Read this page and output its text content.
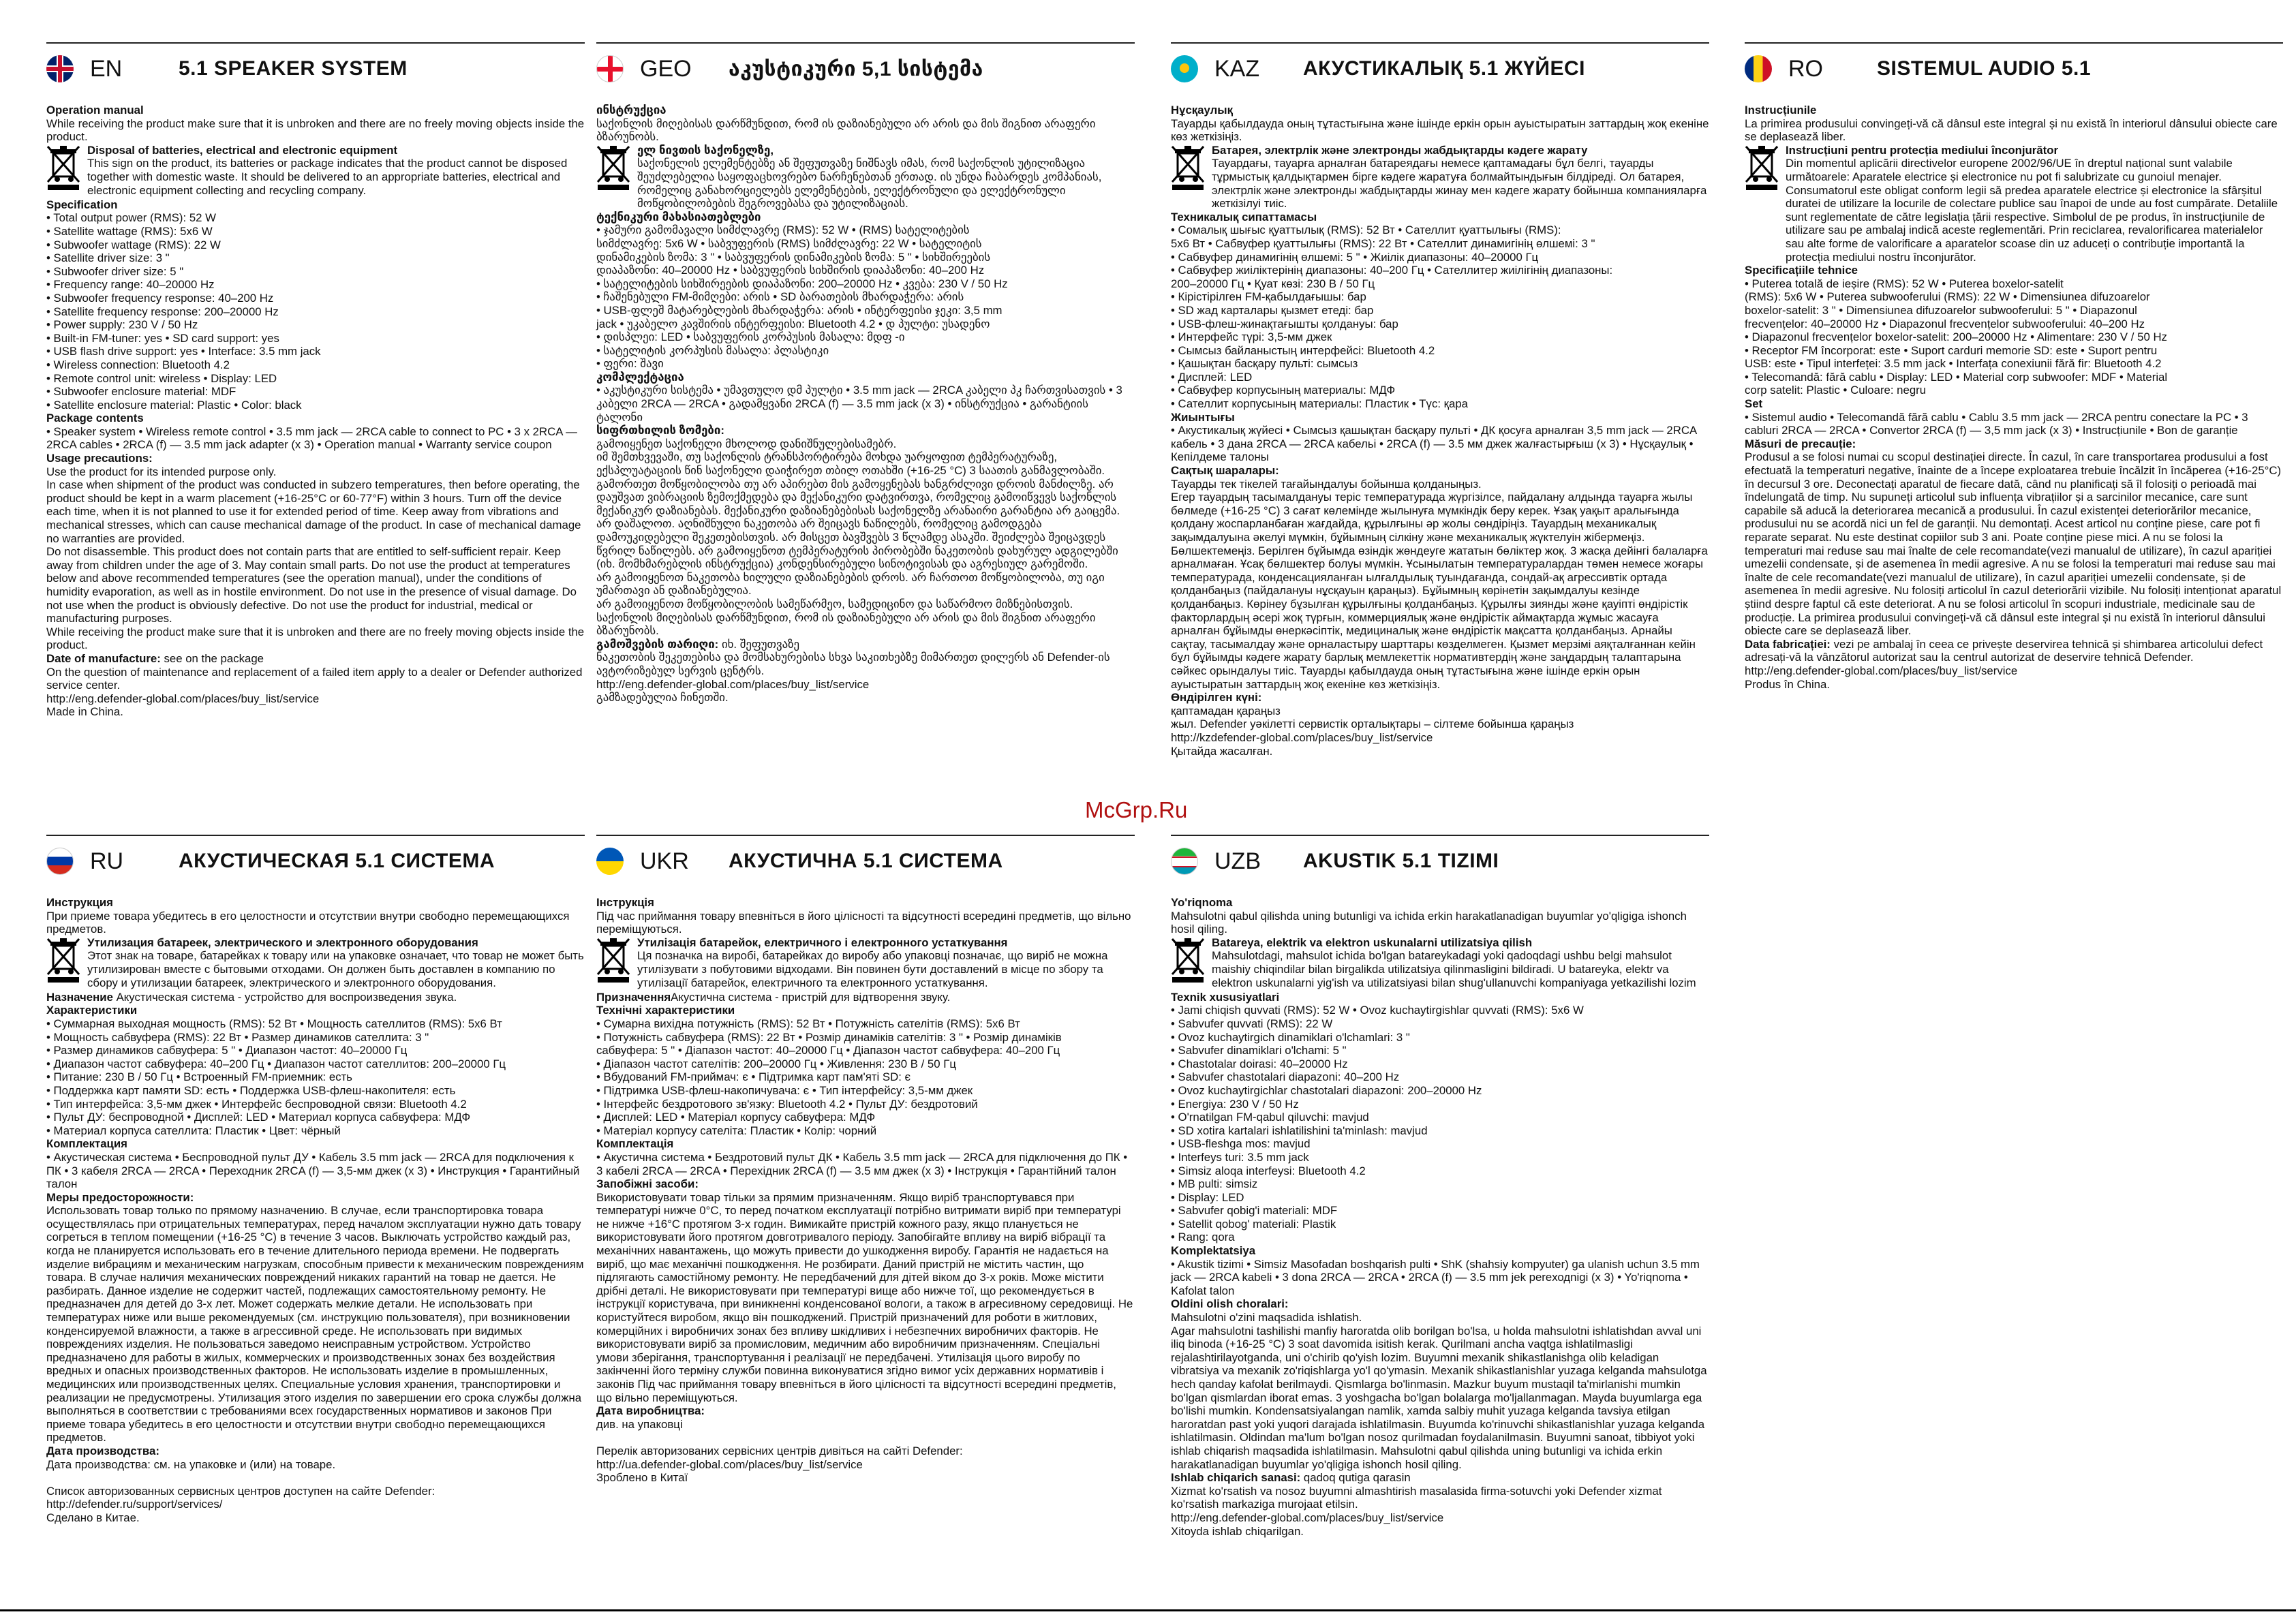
McGrp.Ru
EN	5.1 SPEAKER SYSTEM

Operation manual

While receiving the product make sure that it is unbroken and there are no freely moving objects inside the product.

Disposal of batteries, electrical and electronic equipment

This sign on the product, its batteries or package indicates that the product cannot be disposed together with domestic waste. It should be delivered to an appropriate batteries, electrical and electronic equipment collecting and recycling company.

Specification

• Total output power (RMS): 52 W

• Satellite wattage (RMS): 5x6 W

• Subwoofer wattage (RMS): 22 W

• Satellite driver size: 3 "

• Subwoofer driver size: 5 "

• Frequency range: 40–20000 Hz

• Subwoofer frequency response: 40–200 Hz

• Satellite frequency response: 200–20000 Hz

• Power supply: 230 V / 50 Hz

• Built-in FM-tuner: yes • SD card support: yes

• USB flash drive support: yes • Interface: 3.5 mm jack

• Wireless connection: Bluetooth 4.2

• Remote control unit: wireless • Display: LED

• Subwoofer enclosure material: MDF

• Satellite enclosure material: Plastic • Color: black

Package contents

• Speaker system • Wireless remote control • 3.5 mm jack — 2RCA cable to connect to PC • 3 x 2RCA — 2RCA cables • 2RCA (f) — 3.5 mm jack adapter (x 3) • Operation manual • Warranty service coupon

Usage precautions:

Use the product for its intended purpose only.
In case when shipment of the product was conducted in subzero temperatures, then before operating, the product should be kept in a warm placement (+16-25°C or 60-77°F) within 3 hours. Turn off the device each time, when it is not planned to use it for extended period of time. Keep away from vibrations and mechanical stresses, which can cause mechanical damage of the product. In case of mechanical damage no warranties are provided.
Do not disassemble. This product does not contain parts that are entitled to self-sufficient repair. Keep away from children under the age of 3. May contain small parts. Do not use the product at temperatures below and above recommended temperatures (see the operation manual), under the conditions of humidity evaporation, as well as in hostile environment. Do not use in the presence of visual damage. Do not use when the product is obviously defective. Do not use the product for industrial, medical or manufacturing purposes.
While receiving the product make sure that it is unbroken and there are no freely moving objects inside the product.

Date of manufacture: see on the package

On the question of maintenance and replacement of a failed item apply to a dealer or Defender authorized service center.
http://eng.defender-global.com/places/buy_list/service
Made in China.

GEO	აკუსტიკური 5,1 სისტემა

ინსტრუქცია

საქონლის მიღებისას დარწმუნდით, რომ ის დაზიანებული არ არის და მის შიგნით არაფერი ბზარუნობს.

ელ ნივთის საქონელზე,

საქონელის ელემენტებზე ან შეფუთვაზე ნიშნავს იმას, რომ საქონლის უტილიზაცია შეუძლებელია საყოფაცხოვრებო ნარჩენებთან ერთად. ის უნდა ჩაბარდეს კომპანიას, რომელიც განახორციელებს ელემენტების, ელექტრონული და ელექტრონული მოწყობილობების შეგროვებასა და უტილიზაციას.

ტექნიკური მახასიათებლები

• ჯამური გამომავალი სიმძლავრე (RMS): 52 W • (RMS) სატელიტების

სიმძლავრე: 5x6 W • საბვუფერის (RMS) სიმძლავრე: 22 W • სატელიტის

დინამიკების ზომა: 3 " • საბვუფერის დინამიკების ზომა: 5 " • სიხშირეების

დიაპაზონი: 40–20000 Hz • საბვუფერის სიხშირის დიაპაზონი: 40–200 Hz

• სატელიტების სიხშირეების დიაპაზონი: 200–20000 Hz • კვება: 230 V / 50 Hz

• ჩაშენებული FM-მიმღები: არის • SD ბარათების მხარდაჭერა: არის

• USB-ფლეშ მატარებლების მხარდაჭერა: არის • ინტერფეისი ჯეკი: 3,5 mm

jack • უკაბელო კავშირის ინტერფეისი: Bluetooth 4.2 • დ პულტი: უსადენო

• დისპლეი: LED • საბვუფერის კორპუსის მასალა: მდფ -ი

• სატელიტის კორპუსის მასალა: პლასტიკი

• ფერი: შავი

კომპლექტაცია

• აკუსტიკური სისტემა • უმავთულო დმ პულტი • 3.5 mm jack — 2RCA კაბელი პკ ჩართვისათვის • 3 კაბელი 2RCA — 2RCA • გადამყვანი 2RCA (f) — 3.5 mm jack (x 3) • ინსტრუქცია • გარანტიის ტალონი

სიფრთხილის ზომები:

გამოიყენეთ საქონელი მხოლოდ დანიშნულებისამებრ.
იმ შემთხვევაში, თუ საქონლის ტრანსპორტირება მოხდა უარყოფით ტემპერატურაზე, ექსპლუატაციის წინ საქონელი დაიჭირეთ თბილ ოთახში (+16-25 °C) 3 საათის განმავლობაში.
გამორთეთ მოწყობილობა თუ არ აპირებთ მის გამოყენებას ხანგრძლივი დროის მანძილზე. არ დაუშვათ ვიბრაციის ზემოქმედება და მექანიკური დატვირთვა, რომელიც გამოიწვევს საქონლის მექანიკურ დაზიანებას. მექანიკური დაზიანებებისას საქონელზე არანაირი გარანტია არ გაიცემა.
არ დაშალოთ. აღნიშნული ნაკეთობა არ შეიცავს ნაწილებს, რომელიც გამოდგება დამოუკიდებელი შეკეთებისთვის. არ მისცეთ ბავშვებს 3 წლამდე ასაკში. შეიძლება შეიცავდეს წვრილ ნაწილებს. არ გამოიყენოთ ტემპერატურის პირობებში ნაკეთობის დახურულ ადგილებში (იხ. მომხმარებლის ინსტრუქცია) კონდენსირებული სინოტივისას და აგრესიულ გარემოში.
არ გამოიყენოთ ნაკეთობა ხილული დაზიანებების დროს. არ ჩართოთ მოწყობილობა, თუ იგი უმართავი ან დაზიანებულია.
არ გამოიყენოთ მოწყობილობის სამეწარმეო, სამედიცინო და საწარმოო მიზნებისთვის.
საქონლის მიღებისას დარწმუნდით, რომ ის დაზიანებული არ არის და მის შიგნით არაფერი ბზარუნობს.

გამოშვების თარიღი: იხ. შეფუთვაზე

ნაკეთობის შეკეთებისა და მომსახურებისა სხვა საკითხებზე მიმართეთ დილერს ან Defender-ის ავტორიზებულ სერვის ცენტრს.
http://eng.defender-global.com/places/buy_list/service
გამზადებულია ჩინეთში.

KAZ	АКУСТИКАЛЫҚ 5.1 ЖҮЙЕСІ

Нұсқаулық

Тауарды қабылдауда оның тұтастығына және ішінде еркін орын ауыстыратын заттардың жоқ екеніне көз жеткізіңіз.

Батарея, электрлік және электронды жабдықтарды кәдеге жарату

Тауардағы, тауарға арналған батареядағы немесе қаптамадағы бұл белгі, тауарды тұрмыстық қалдықтармен бірге кәдеге жаратуға болмайтындығын білдіреді. Ол батарея, электрлік және электронды жабдықтарды жинау мен кәдеге жарату бойынша компанияларға жеткізілуі тиіс.

Техникалық сипаттамасы

• Сомалық шығыс қуаттылық (RMS): 52 Вт • Сателлит қуаттылығы (RMS):

5x6 Вт • Сабвуфер қуаттылығы (RMS): 22 Вт • Сателлит динамигінің өлшемі: 3 "

• Сабвуфер динамигінің өлшемі: 5 " • Жиілік диапазоны: 40–20000 Гц

• Сабвуфер жиіліктерінің диапазоны: 40–200 Гц • Сателлитер жиілігінің диапазоны:

200–20000 Гц • Қуат көзі: 230 В / 50 Гц

• Кірістірілген FM-қабылдағышы: бар

• SD жад карталары қызмет етеді: бар

• USB-флеш-жинақтағышты қолдануы: бар

• Интерфейс түрі: 3,5-мм джек

• Сымсыз байланыстың интерфейсі: Bluetooth 4.2

• Қашықтан басқару пульті: сымсыз

• Дисплей: LED

• Сабвуфер корпусының материалы: МДФ

• Сателлит корпусының материалы: Пластик • Түс: қара

Жиынтығы

• Акустикалық жүйесі • Сымсыз қашықтан басқару пульті • ДК қосуға арналған 3,5 mm jack — 2RCA кабель • 3 дана 2RCA — 2RCA кабельі • 2RCA (f) — 3.5 мм джек жалғастырғыш (x 3) • Нұсқаулық • Кепілдеме талоны

Сақтық шаралары:

Тауарды тек тікелей тағайындалуы бойынша қолданыңыз.
Егер тауардың тасымалдануы теріс температурада жүргізілсе, пайдалану алдында тауарға жылы бөлмеде (+16-25 °С) 3 сағат көлемінде жылынуға мүмкіндік беру керек. Ұзақ уақыт аралығында қолдану жоспарланбаған жағдайда, құрылғыны әр жолы сөндіріңіз. Тауардың механикалық зақымдалуына әкелуі мүмкін, бұйымның сілкіну және механикалық жүктелуін жібермеңіз. Бөлшектемеңіз. Берілген бұйымда өзіндік жөндеуге жататын бөліктер жоқ. 3 жасқа дейінгі балаларға арналмаған. Ұсақ бөлшектер болуы мүмкін. Ұсынылатын температуралардан төмен немесе жоғары температурада, конденсацияланған ылғалдылық туындағанда, сондай-ақ агрессивтік ортада қолданбаңыз (пайдалануы нұсқауын қараңыз). Бұйымның көрінетін зақымдалуы кезінде қолданбаңыз. Көрінеу бұзылған құрылғыны қолданбаңыз. Құрылғы зиянды және қауіпті өндірістік факторлардың әсері жоқ түрғын, коммерциялық және өндірістік аймақтарда жұмыс жасауға арналған бұйымды өнеркәсіптік, медициналық және өндірістік мақсатта қолданбаңыз. Арнайы сақтау, тасымалдау және орналастыру шарттары көзделмеген. Қызмет мерзімі аяқталғаннан кейін бұл бұйымды кәдеге жарату барлық мемлекеттік нормативтердің және заңдардың талаптарына сәйкес орындалуы тиіс. Тауарды қабылдауда оның тұтастығына және ішінде еркін орын ауыстыратын заттардың жоқ екеніне көз жеткізіңіз.

Өндірілген күні:

қаптамадан қараңыз
жыл. Defender уәкілетті сервистік орталықтары – сілтеме бойынша қараңыз
http://kzdefender-global.com/places/buy_list/service
Қытайда жасалған.

RO	SISTEMUL AUDIO 5.1

Instrucțiunile

La primirea produsului convingeți-vă că dânsul este integral și nu există în interiorul dânsului obiecte care se deplasează liber.

Instrucțiuni pentru protecția mediului înconjurător

Din momentul aplicării directivelor europene 2002/96/UE în dreptul național sunt valabile următoarele: Aparatele electrice și electronice nu pot fi salubrizate cu gunoiul menajer. Consumatorul este obligat conform legii să predea aparatele electrice și electronice la sfârșitul duratei de utilizare la locurile de colectare publice sau înapoi de unde au fost cumpărate. Detaliile sunt reglementate de către legislația țării respective. Simbolul de pe produs, în instrucțiunile de utilizare sau pe ambalaj indică aceste reglementări. Prin reciclarea, revalorificarea materialelor sau alte forme de valorificare a aparatelor scoase din uz aduceți o contribuție importantă la protecția mediului nostru înconjurător.

Specificațiile tehnice

• Puterea totală de ieșire (RMS): 52 W • Puterea boxelor-satelit

(RMS): 5x6 W • Puterea subwooferului (RMS): 22 W • Dimensiunea difuzoarelor

boxelor-satelit: 3 " • Dimensiunea difuzoarelor subwooferului: 5 " • Diapazonul

frecvențelor: 40–20000 Hz • Diapazonul frecvențelor subwooferului: 40–200 Hz

• Diapazonul frecvențelor boxelor-satelit: 200–20000 Hz • Alimentare: 230 V / 50 Hz

• Receptor FM încorporat: este • Suport carduri memorie SD: este • Suport pentru

USB: este • Tipul interfeței: 3.5 mm jack • Interfața conexiunii fără fir: Bluetooth 4.2

• Telecomandă: fără cablu • Display: LED • Material corp subwoofer: MDF • Material

corp satelit: Plastic • Culoare: negru

Set

• Sistemul audio • Telecomandă fără cablu • Cablu 3.5 mm jack — 2RCA pentru conectare la PC • 3 cabluri 2RCA — 2RCA • Convertor 2RCA (f) — 3,5 mm jack (x 3) • Instrucțiunile • Bon de garanție

Măsuri de precauție:

Produsul a se folosi numai cu scopul destinației directe. În cazul, în care transportarea produsului a fost efectuată la temperaturi negative, înainte de a începe exploatarea trebuie încălzit în încăperea (+16-25°C) în decursul 3 ore. Deconectați aparatul de fiecare dată, când nu planificați să îl folosiți o perioadă mai îndelungată de timp. Nu supuneți articolul sub influența vibrațiilor și a sarcinilor mecanice, care sunt capabile să aducă la deteriorarea mecanică a produsului. În cazul existenței deteriorărilor mecanice, produsului nu se acordă nici un fel de garanții. Nu demontați. Acest articol nu conține piese, care pot fi reparate separat. Nu este destinat copiilor sub 3 ani. Poate conține piese mici. A nu se folosi la temperaturi mai reduse sau mai înalte de cele recomandate(vezi manualul de utilizare), în cazul apariției umezelii condensate, și de asemenea în medii agresive. A nu se folosi la temperaturi mai reduse sau mai înalte de cele recomandate(vezi manualul de utilizare), în cazul apariției umezelii condensate, și de asemenea în medii agresive. Nu folosiți articolul în cazul deteriorării vizibile. Nu folosiți intenționat aparatul știind despre faptul că este deteriorat. A nu se folosi articolul în scopuri industriale, medicinale sau de producție. La primirea produsului convingeți-vă că dânsul este integral și nu există în interiorul dânsului obiecte care se deplasează liber.

Data fabricației: vezi pe ambalaj în ceea ce privește deservirea tehnică și shimbarea articolului defect adresați-vă la vânzătorul autorizat sau la centrul autorizat de deservire tehnică Defender.

http://eng.defender-global.com/places/buy_list/service
Produs în China.

RU	АКУСТИЧЕСКАЯ 5.1 СИСТЕМА

Инструкция

При приеме товара убедитесь в его целостности и отсутствии внутри свободно перемещающихся предметов.

Утилизация батареек, электрического и электронного оборудования

Этот знак на товаре, батарейках к товару или на упаковке означает, что товар не может быть утилизирован вместе с бытовыми отходами. Он должен быть доставлен в компанию по сбору и утилизации батареек, электрического и электронного оборудования.

Назначение Акустическая система - устройство для воспроизведения звука.

Характеристики

• Суммарная выходная мощность (RMS): 52 Вт • Мощность сателлитов (RMS): 5x6 Вт

• Мощность сабвуфера (RMS): 22 Вт • Размер динамиков сателлита: 3 "

• Размер динамиков сабвуфера: 5 " • Диапазон частот: 40–20000 Гц

• Диапазон частот сабвуфера: 40–200 Гц • Диапазон частот сателлитов: 200–20000 Гц

• Питание: 230 В / 50 Гц • Встроенный FM-приемник: есть

• Поддержка карт памяти SD: есть • Поддержка USB-флеш-накопителя: есть

• Тип интерфейса: 3,5-мм джек • Интерфейс беспроводной связи: Bluetooth 4.2

• Пульт ДУ: беспроводной • Дисплей: LED • Материал корпуса сабвуфера: МДФ

• Материал корпуса сателлита: Пластик • Цвет: чёрный

Комплектация

• Акустическая система • Беспроводной пульт ДУ • Кабель 3.5 mm jack — 2RCA для подключения к ПК • 3 кабеля 2RCA — 2RCA • Переходник 2RCA (f) — 3,5-мм джек (x 3) • Инструкция • Гарантийный талон

Меры предосторожности:

Использовать товар только по прямому назначению. В случае, если транспортировка товара осуществлялась при отрицательных температурах, перед началом эксплуатации нужно дать товару согреться в теплом помещении (+16-25 °С) в течение 3 часов. Выключать устройство каждый раз, когда не планируется использовать его в течение длительного периода времени. Не подвергать изделие вибрациям и механическим нагрузкам, способным привести к механическим повреждениям товара. В случае наличия механических повреждений никаких гарантий на товар не дается. Не разбирать. Данное изделие не содержит частей, подлежащих самостоятельному ремонту. Не предназначен для детей до 3-х лет. Может содержать мелкие детали. Не использовать при температурах ниже или выше рекомендуемых (см. инструкцию пользователя), при возникновении конденсируемой влажности, а также в агрессивной среде. Не использовать при видимых повреждениях изделия. Не пользоваться заведомо неисправным устройством. Устройство предназначено для работы в жилых, коммерческих и производственных зонах без воздействия вредных и опасных производственных факторов. Не использовать изделие в промышленных, медицинских или производственных целях. Специальные условия хранения, транспортировки и реализации не предусмотрены. Утилизация этого изделия по завершении его срока службы должна выполняться в соответствии с требованиями всех государственных нормативов и законов При приеме товара убедитесь в его целостности и отсутствии внутри свободно перемещающихся предметов.

Дата производства:

Дата производства: см. на упаковке и (или) на товаре.

Список авторизованных сервисных центров доступен на сайте Defender:
http://defender.ru/support/services/
Сделано в Китае.

UKR	АКУСТИЧНА 5.1 СИСТЕМА

Інструкція

Під час приймання товару впевніться в його цілісності та відсутності всередині предметів, що вільно переміщуються.

Утилізація батарейок, електричного і електронного устаткування

Ця позначка на виробі, батарейках до виробу або упаковці позначає, що виріб не можна утилізувати з побутовими відходами. Він повинен бути доставлений в місце по збору та утилізації батарейок, електричного та електронного устаткування.

ПризначенняАкустична система - пристрій для відтворення звуку.

Технічні характеристики

• Сумарна вихідна потужність (RMS): 52 Вт • Потужність сателітів (RMS): 5x6 Вт

• Потужність сабвуфера (RMS): 22 Вт • Розмір динаміків сателітів: 3 " • Розмір динаміків

сабвуфера: 5 " • Діапазон частот: 40–20000 Гц • Діапазон частот сабвуфера: 40–200 Гц

• Діапазон частот сателітів: 200–20000 Гц • Живлення: 230 В / 50 Гц

• Вбудований FM-приймач: є • Підтримка карт пам'яті SD: є

• Підтримка USB-флеш-накопичувача: є • Тип інтерфейсу: 3,5-мм джек

• Інтерфейс бездротового зв'язку: Bluetooth 4.2 • Пульт ДУ: бездротовий

• Дисплей: LED • Матеріал корпусу сабвуфера: МДФ

• Матеріал корпусу сателіта: Пластик • Колір: чорний

Комплектація

• Акустична система • Бездротовий пульт ДК • Кабель 3.5 mm jack — 2RCA для підключення до ПК • 3 кабелі 2RCA — 2RCA • Перехідник 2RCA (f) — 3.5 мм джек (x 3) • Інструкція • Гарантійний талон

Запобіжні засоби:

Використовувати товар тільки за прямим призначенням. Якщо виріб транспортувався при температурі нижче 0°С, то перед початком експлуатації потрібно витримати виріб при температурі не нижче +16°С протягом 3-х годин. Вимикайте пристрій кожного разу, якщо планується не використовувати його протягом довготривалого періоду. Запобігайте впливу на виріб вібрації та механічних навантажень, що можуть привести до ушкодження виробу. Гарантія не надається на виріб, що має механічні пошкодження. Не розбирати. Даний пристрій не містить частин, що підлягають самостійному ремонту. Не передбачений для дітей віком до 3-х років. Може містити дрібні деталі. Не використовувати при температурі вище або нижче тої, що рекомендується в інструкції користувача, при виникненні конденсованої вологи, а також в агресивному середовищі. Не користуйтеся виробом, якщо він пошкоджений. Пристрій призначений для роботи в житлових, комерційних і виробничих зонах без впливу шкідливих і небезпечних виробничих факторів. Не використовувати виріб за промисловим, медичним або виробничим призначенням. Спеціальні умови зберігання, транспортування і реалізації не передбачені. Утилізація цього виробу по закінченні його терміну служби повинна виконуватися згідно вимог усіх державних нормативів і законів Під час приймання товару впевніться в його цілісності та відсутності всередині предметів, що вільно переміщуються.

Дата виробництва:

див. на упаковці

Перелік авторизованих сервісних центрів дивіться на сайті Defender:
http://ua.defender-global.com/places/buy_list/service
Зроблено в Китаї

UZB	AKUSTIK 5.1 TIZIMI

Yo'riqnoma

Mahsulotni qabul qilishda uning butunligi va ichida erkin harakatlanadigan buyumlar yo'qligiga ishonch hosil qiling.

Batareya, elektrik va elektron uskunalarni utilizatsiya qilish

Mahsulotdagi, mahsulot ichida bo'lgan batareykadagi yoki qadoqdagi ushbu belgi mahsulot maishiy chiqindilar bilan birgalikda utilizatsiya qilinmasligini bildiradi. U batareyka, elektr va elektron uskunalarni yig'ish va utilizatsiyasi bilan shug'ullanuvchi kompaniyaga yetkazilishi lozim

Texnik xususiyatlari

• Jami chiqish quvvati (RMS): 52 W • Ovoz kuchaytirgishlar quvvati (RMS): 5x6 W

• Sabvufer quvvati (RMS): 22 W

• Ovoz kuchaytirgich dinamiklari o'lchamlari: 3 "

• Sabvufer dinamiklari o'lchami: 5 "

• Chastotalar doirasi: 40–20000 Hz

• Sabvufer chastotalari diapazoni: 40–200 Hz

• Ovoz kuchaytirgichlar chastotalari diapazoni: 200–20000 Hz

• Energiya: 230 V / 50 Hz

• O'rnatilgan FM-qabul qiluvchi: mavjud

• SD xotira kartalari ishlatilishini ta'minlash: mavjud

• USB-fleshga mos: mavjud

• Interfeys turi: 3.5 mm jack

• Simsiz aloqa interfeysi: Bluetooth 4.2

• MB pulti: simsiz

• Display: LED

• Sabvufer qobig'i materiali: MDF

• Satellit qobog' materiali: Plastik

• Rang: qora

Komplektatsiya

• Akustik tizimi • Simsiz Masofadan boshqarish pulti • ShK (shahsiy kompyuter) ga ulanish uchun 3.5 mm jack — 2RCA kabeli • 3 dona 2RCA — 2RCA • 2RCA (f) — 3.5 mm jek pereходnigi (x 3) • Yo'riqnoma • Kafolat talon

Oldini olish choralari:

Mahsulotni o'zini maqsadida ishlatish.
Agar mahsulotni tashilishi manfiy haroratda olib borilgan bo'lsa, u holda mahsulotni ishlatishdan avval uni iliq binoda (+16-25 °C) 3 soat davomida isitish kerak. Qurilmani ancha vaqtga ishlatilmasligi rejalashtirilayotganda, uni o'chirib qo'yish lozim. Buyumni mexanik shikastlanishga olib keladigan vibratsiya va mexanik zo'riqishlarga yo'l qo'ymasin. Mexanik shikastlanishlar yuzaga kelganda mahsulotga hech qanday kafolat berilmaydi. Qismlarga bo'linmasin. Mazkur buyum mustaqil ta'mirlanishi mumkin bo'lgan qismlardan iborat emas. 3 yoshgacha bo'lgan bolalarga mo'ljallanmagan. Mayda buyumlarga ega bo'lishi mumkin. Kondensatsiyalangan namlik, xamda salbiy muhit yuzaga kelganda tavsiya etilgan haroratdan past yoki yuqori darajada ishlatilmasin. Buyumda ko'rinuvchi shikastlanishlar yuzaga kelganda ishlatilmasin. Oldindan ma'lum bo'lgan nosoz qurilmadan foydalanilmasin. Buyumni sanoat, tibbiyot yoki ishlab chiqarish maqsadida ishlatilmasin. Mahsulotni qabul qilishda uning butunligi va ichida erkin harakatlanadigan buyumlar yo'qligiga ishonch hosil qiling.

Ishlab chiqarich sanasi: qadoq qutiga qarasin

Xizmat ko'rsatish va nosoz buyumni almashtirish masalasida firma-sotuvchi yoki Defender xizmat ko'rsatish markaziga murojaat etilsin.
http://eng.defender-global.com/places/buy_list/service
Xitoyda ishlab chiqarilgan.
